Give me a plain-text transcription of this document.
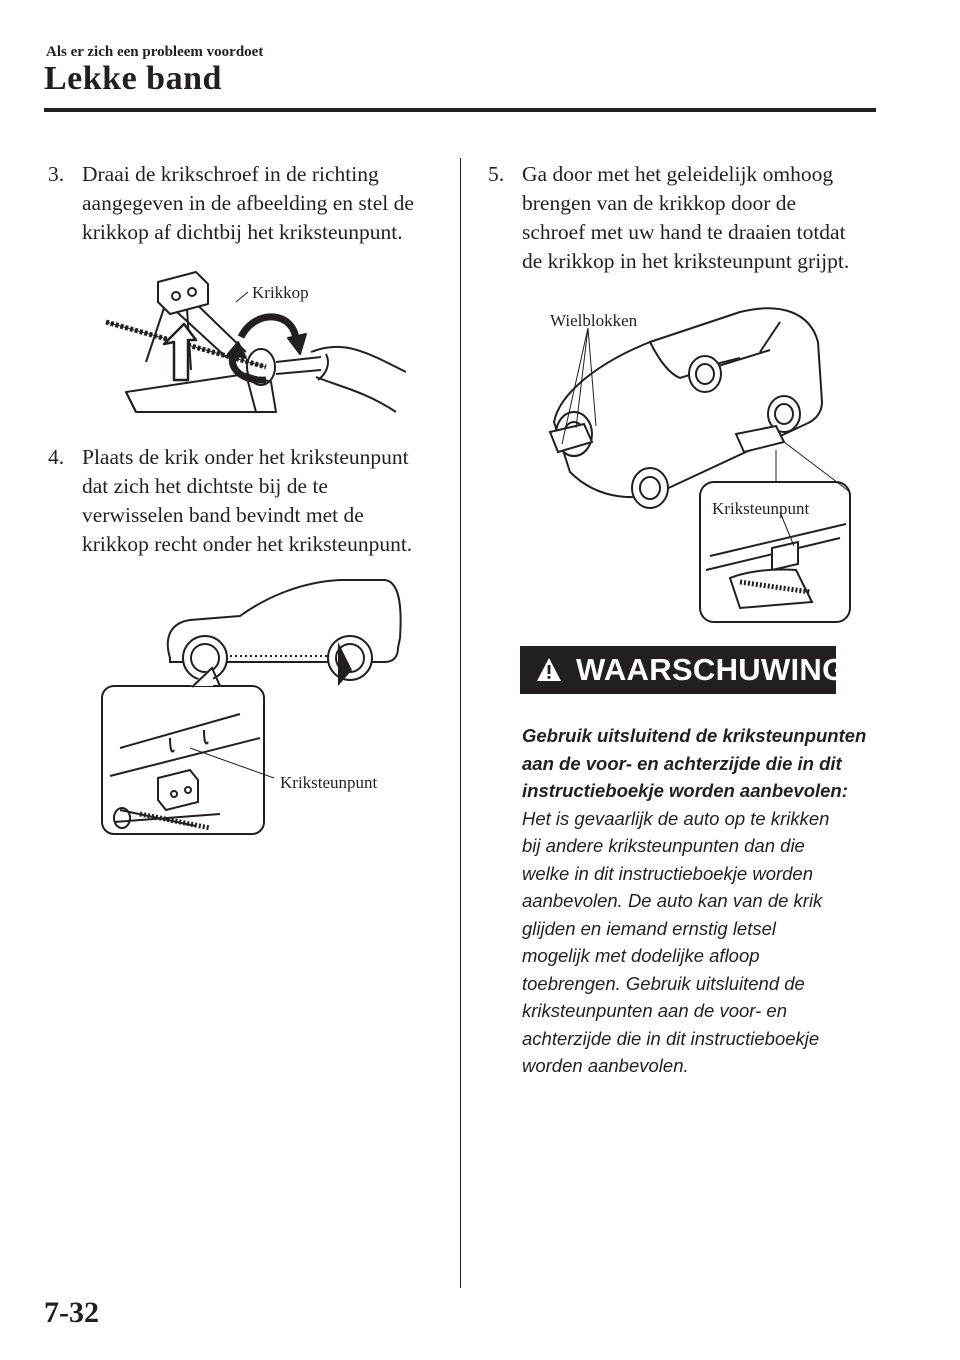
Als er zich een probleem voordoet
Lekke band
3. Draai de krikschroef in de richting
aangegeven in de afbeelding en stel de
krikkop af dichtbij het kriksteunpunt.
Krikkop
4. Plaats de krik onder het kriksteunpunt
dat zich het dichtste bij de te
verwisselen band bevindt met de
krikkop recht onder het kriksteunpunt.
Kriksteunpunt
5. Ga door met het geleidelijk omhoog
brengen van de krikkop door de
schroef met uw hand te draaien totdat
de krikkop in het kriksteunpunt grijpt.
Wielblokken
Kriksteunpunt
WAARSCHUWING

Gebruik uitsluitend de kriksteunpunten

aan de voor- en achterzijde die in dit

instructieboekje worden aanbevolen:

Het is gevaarlijk de auto op te krikken

bij andere kriksteunpunten dan die

welke in dit instructieboekje worden

aanbevolen. De auto kan van de krik

glijden en iemand ernstig letsel

mogelijk met dodelijke afloop

toebrengen. Gebruik uitsluitend de

kriksteunpunten aan de voor- en

achterzijde die in dit instructieboekje

worden aanbevolen.

7-32
